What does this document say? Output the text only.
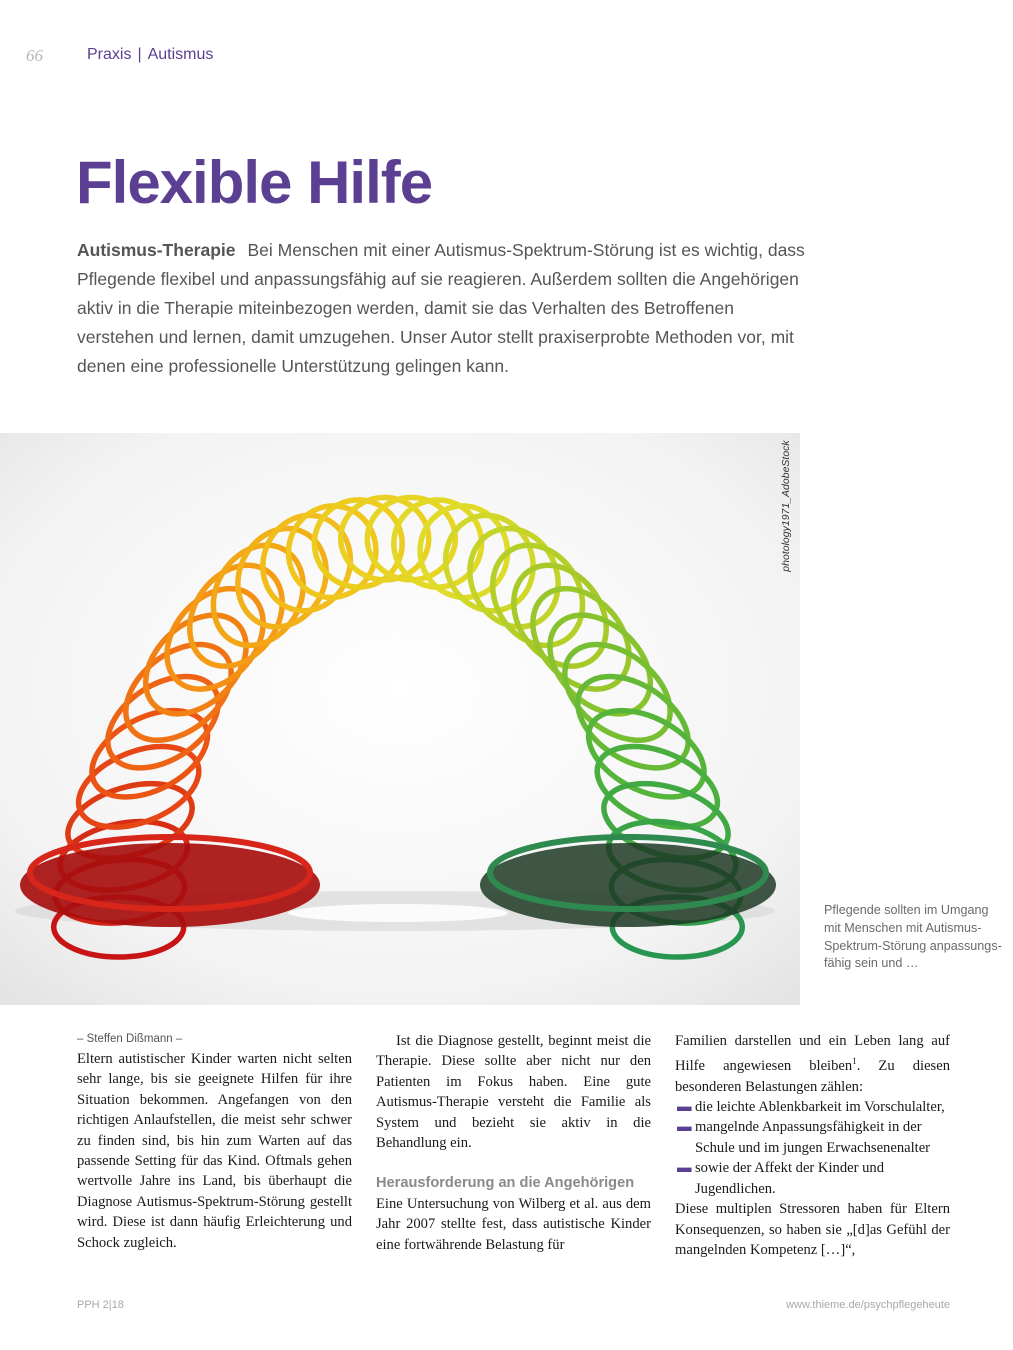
66	Praxis | Autismus
Flexible Hilfe

Autismus-Therapie Bei Menschen mit einer Autismus-Spektrum-Störung ist es wichtig, dass Pflegende flexibel und anpassungsfähig auf sie reagieren. Außerdem sollten die Angehörigen aktiv in die Therapie miteinbezogen werden, damit sie das Verhalten des Betroffenen verstehen und lernen, damit umzugehen. Unser Autor stellt praxiserprobte Methoden vor, mit denen eine professionelle Unterstützung gelingen kann.

photology1971_AdobeStock

Pflegende sollten im Umgang mit Menschen mit Autismus-Spektrum-Störung anpassungs-fähig sein und …

– Steffen Dißmann –

Eltern autistischer Kinder warten nicht selten sehr lange, bis sie geeignete Hilfen für ihre Situation bekommen. Angefangen von den richtigen Anlaufstellen, die meist sehr schwer zu finden sind, bis hin zum Warten auf das passende Setting für das Kind. Oftmals gehen wertvolle Jahre ins Land, bis überhaupt die Diagnose Autismus-Spektrum-Störung gestellt wird. Diese ist dann häufig Erleichterung und Schock zugleich.

Ist die Diagnose gestellt, beginnt meist die Therapie. Diese sollte aber nicht nur den Patienten im Fokus haben. Eine gute Autismus-Therapie versteht die Familie als System und bezieht sie aktiv in die Behandlung ein.

Herausforderung an die Angehörigen

Eine Untersuchung von Wilberg et al. aus dem Jahr 2007 stellte fest, dass autistische Kinder eine fortwährende Belastung für

Familien darstellen und ein Leben lang auf Hilfe angewiesen bleiben$^1$. Zu diesen besonderen Belastungen zählen:

▬ die leichte Ablenkbarkeit im Vorschulalter,
▬ mangelnde Anpassungsfähigkeit in der Schule und im jungen Erwachsenenalter
▬ sowie der Affekt der Kinder und Jugendlichen.

Diese multiplen Stressoren haben für Eltern Konsequenzen, so haben sie „[d]as Gefühl der mangelnden Kompetenz […]“,

PPH 2|18	www.thieme.de/psychpflegeheute
